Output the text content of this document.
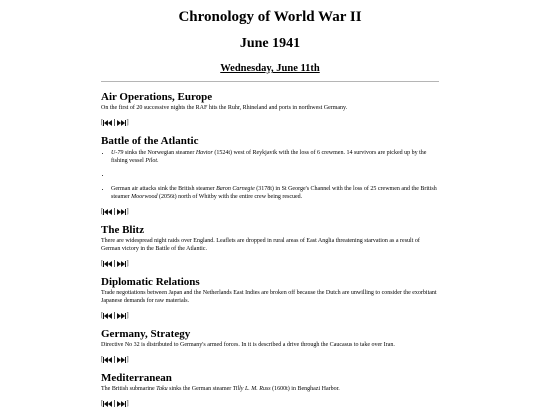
Chronology of World War II
June 1941
Wednesday, June 11th
Air Operations, Europe

On the first of 20 successive nights the RAF hits the Ruhr, Rhineland and ports in northwest Germany.

[	]
Battle of the Atlantic
• U-79 sinks the Norwegian steamer Havtor (1524t) west of Reykjavik with the loss of 6 crewmen. 14 survivors are picked up by the fishing vessel Pilot.
•
• German air attacks sink the British steamer Baron Carnegie (3178t) in St George's Channel with the loss of 25 crewmen and the British steamer Moorwood (2056t) north of Whitby with the entire crew being rescued.
[	]
The Blitz

There are widespread night raids over England. Leaflets are dropped in rural areas of East Anglia threatening starvation as a result of German victory in the Battle of the Atlantic.

[	]
Diplomatic Relations

Trade negotiations between Japan and the Netherlands East Indies are broken off because the Dutch are unwilling to consider the exorbitant Japanese demands for raw materials.

[	]
Germany, Strategy

Directive No 32 is distributed to Germany's armed forces. In it is described a drive through the Caucasus to take over Iran.

[	]
Mediterranean

The British submarine Taku sinks the German steamer Tilly L. M. Russ (1600t) in Benghazi Harbor.

[	]
